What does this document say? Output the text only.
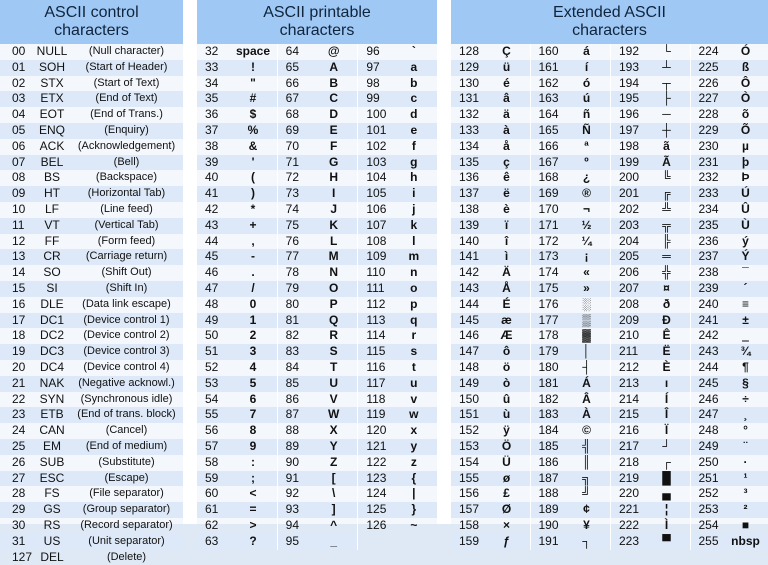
ASCII control
characters
00 NULL	(Null character)
01	SOH	(Start of Header)
02	STX	(Start of Text)
03	ETX	(End of Text)
04	EOT	(End of Trans.)
05	ENQ	(Enquiry)
06	ACK	(Acknowledgement)
07	BEL	(Bell)
08	BS	(Backspace)
09	HT	(Horizontal Tab)
10	LF	(Line feed)
11	VT	(Vertical Tab)
12	FF	(Form feed)
13	CR	(Carriage return)
14	SO	(Shift Out)
15	SI	(Shift In)
16	DLE	(Data link escape)
17	DC1	(Device control 1)
18	DC2	(Device control 2)
19	DC3	(Device control 3)
20	DC4	(Device control 4)
21	NAK	(Negative acknowl.)
22	SYN	(Synchronous idle)
23	ETB	(End of trans. block)
24	CAN	(Cancel)
25	EM	(End of medium)
26	SUB	(Substitute)
27	ESC	(Escape)
28	FS	(File separator)
29	GS	(Group separator)
30	RS	(Record separator)
31	US	(Unit separator)
127 DEL	(Delete)
ASCII printable
characters
32	space
33	!
34	"
35	#
36	$
37	%
38	&
39	'
40	(
41	)
42	*
43	+
44	,
45	-
46	.
47	/
48	0
49	1
50	2
51	3
52	4
53	5
54	6
55	7
56	8
57	9
58	:
59	;
60	<
61	=
62	>
63	?
64	@
65	A
66	B
67	C
68	D
69	E
70	F
71	G
72	H
73	I
74	J
75	K
76	L
77	M
78	N
79	O
80	P
81	Q
82	R
83	S
84	T
85	U
86	V
87	W
88	X
89	Y
90	Z
91	[
92	\
93	]
94	^
95	_
96	`
97	a
98	b
99	c
100	d
101	e
102	f
103	g
104	h
105	i
106	j
107	k
108	l
109	m
110	n
111	o
112	p
113	q
114	r
115	s
116	t
117	u
118	v
119	w
120	x
121	y
122	z
123	{
124	|
125	}
126	~
Extended ASCII
characters
128	Ç
129	ü
130	é
131	â
132	ä
133	à
134	å
135	ç
136	ê
137	ë
138	è
139	ï
140	î
141	ì
142	Ä
143	Å
144	É
145	æ
146	Æ
147	ô
148	ö
149	ò
150	û
151	ù
152	ÿ
153	Ö
154	Ü
155	ø
156	£
157	Ø
158	×
159	ƒ
160	á
161	í
162	ó
163	ú
164	ñ
165	Ñ
166	ª
167	º
168	¿
169	®
170	¬
171	½
172	¼
173	¡
174	«
175	»
176	░
177	▒
178	▓
179	│
180	┤
181	Á
182	Â
183	À
184	©
185	╣
186	║
187	╗
188	╝
189	¢
190	¥
191	┐
192	└
193	┴
194	┬
195	├
196	─
197	┼
198	ã
199	Ã
200	╚
201	╔
202	╩
203	╦
204	╠
205	═
206	╬
207	¤
208	ð
209	Ð
210	Ê
211	Ë
212	È
213	ı
214	Í
215	Î
216	Ï
217	┘
218	┌
219	█
220	▄
221	¦
222	Ì
223	▀
224	Ó
225	ß
226	Ô
227	Ò
228	õ
229	Õ
230	µ
231	þ
232	Þ
233	Ú
234	Û
235	Ù
236	ý
237	Ý
238	¯
239	´
240	≡
241	±
242	‗
243	¾
244	¶
245	§
246	÷
247	¸
248	°
249	¨
250	·
251	¹
252	³
253	²
254	■
255	nbsp
